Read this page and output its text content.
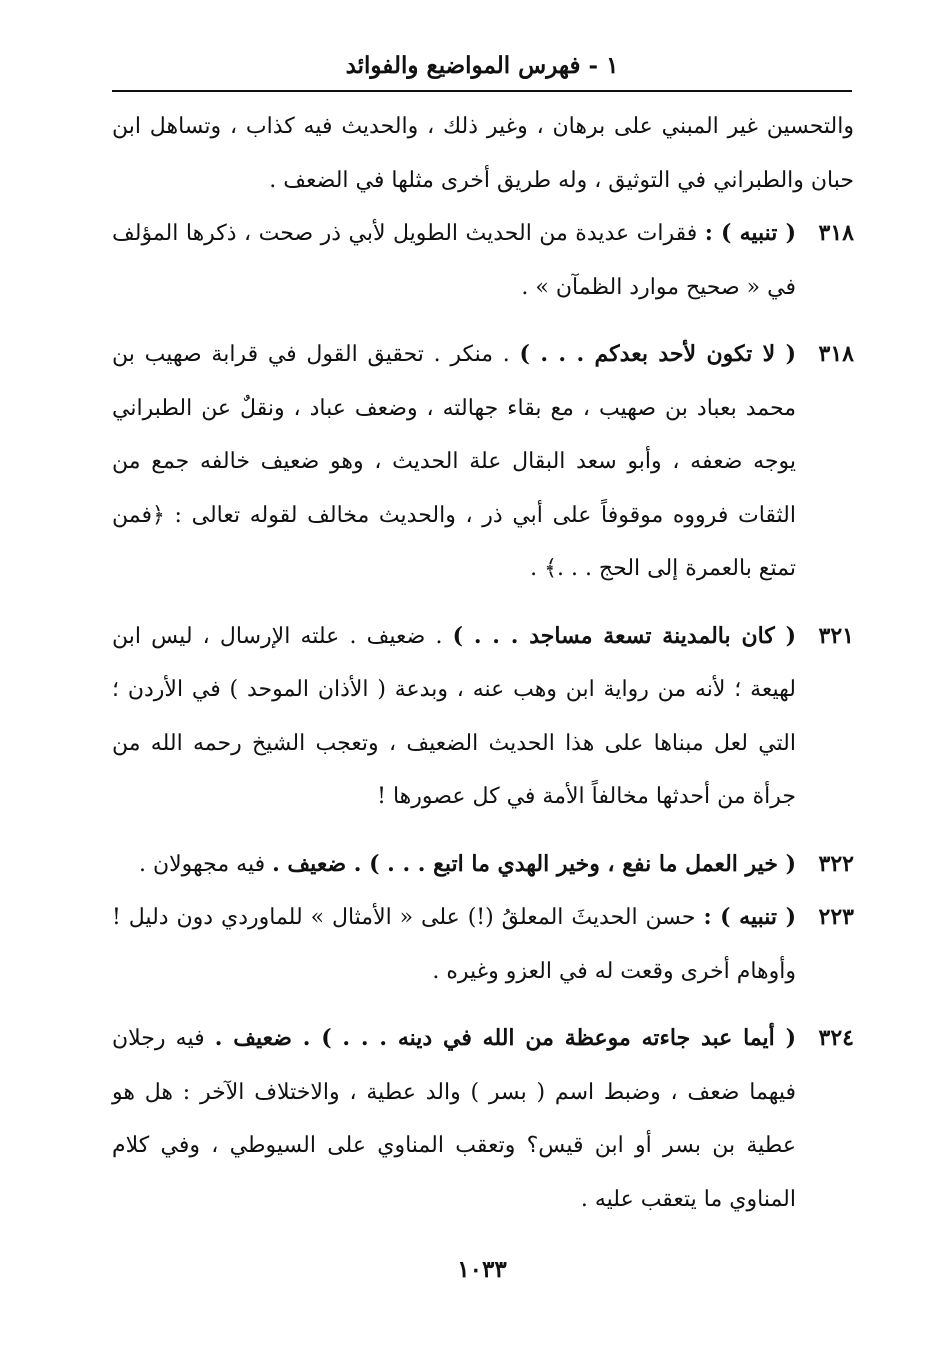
١ - فهرس المواضيع والفوائد

والتحسين غير المبني على برهان ، وغير ذلك ، والحديث فيه كذاب ، وتساهل ابن حبان والطبراني في التوثيق ، وله طريق أخرى مثلها في الضعف .

٣١٨
( تنبيه ) : فقرات عديدة من الحديث الطويل لأبي ذر صحت ، ذكرها المؤلف في « صحيح موارد الظمآن » .
٣١٨
( لا تكون لأحد بعدكم . . . ) . منكر . تحقيق القول في قرابة صهيب بن محمد بعباد بن صهيب ، مع بقاء جهالته ، وضعف عباد ، ونقلٌ عن الطبراني يوجه ضعفه ، وأبو سعد البقال علة الحديث ، وهو ضعيف خالفه جمع من الثقات فرووه موقوفاً على أبي ذر ، والحديث مخالف لقوله تعالى : ﴿فمن تمتع بالعمرة إلى الحج . . .﴾ .
٣٢١
( كان بالمدينة تسعة مساجد . . . ) . ضعيف . علته الإرسال ، ليس ابن لهيعة ؛ لأنه من رواية ابن وهب عنه ، وبدعة ( الأذان الموحد ) في الأردن ؛ التي لعل مبناها على هذا الحديث الضعيف ، وتعجب الشيخ رحمه الله من جرأة من أحدثها مخالفاً الأمة في كل عصورها !
٣٢٢
( خير العمل ما نفع ، وخير الهدي ما اتبع . . . ) . ضعيف . فيه مجهولان .
٢٢٣
( تنبيه ) : حسن الحديثَ المعلقُ (!) على « الأمثال » للماوردي دون دليل ! وأوهام أخرى وقعت له في العزو وغيره .
٣٢٤
( أيما عبد جاءته موعظة من الله في دينه . . . ) . ضعيف . فيه رجلان فيهما ضعف ، وضبط اسم ( بسر ) والد عطية ، والاختلاف الآخر : هل هو عطية بن بسر أو ابن قيس؟ وتعقب المناوي على السيوطي ، وفي كلام المناوي ما يتعقب عليه .
١٠٣٣
